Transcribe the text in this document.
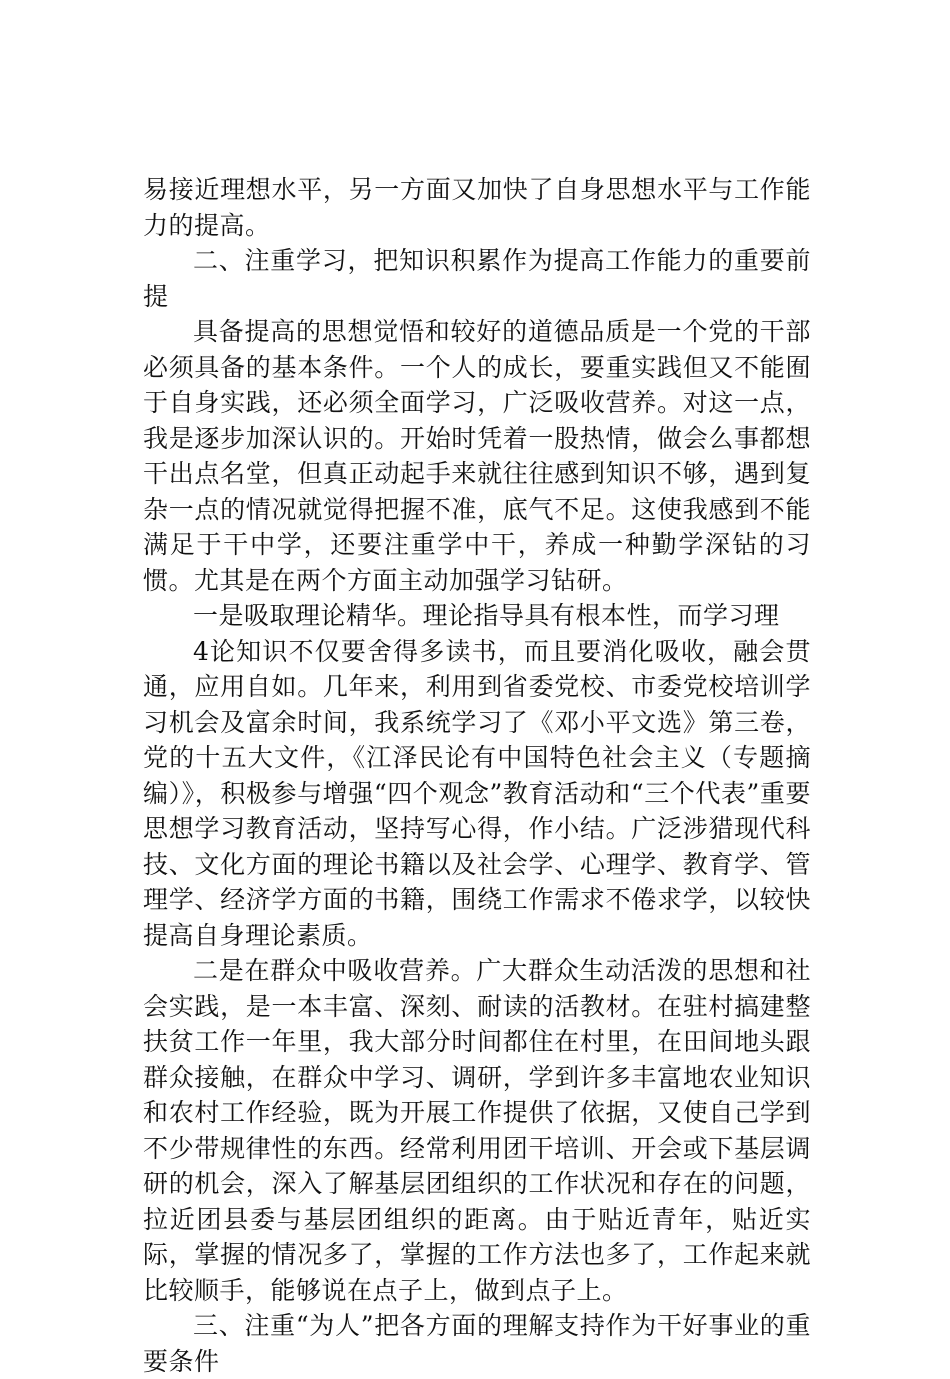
易接近理想水平，另一方面又加快了自身思想水平与工作能力的提高。

二、注重学习，把知识积累作为提高工作能力的重要前提

具备提高的思想觉悟和较好的道德品质是一个党的干部必须具备的基本条件。一个人的成长，要重实践但又不能囿于自身实践，还必须全面学习，广泛吸收营养。对这一点，我是逐步加深认识的。开始时凭着一股热情，做会么事都想干出点名堂，但真正动起手来就往往感到知识不够，遇到复杂一点的情况就觉得把握不准，底气不足。这使我感到不能满足于干中学，还要注重学中干，养成一种勤学深钻的习惯。尤其是在两个方面主动加强学习钻研。

一是吸取理论精华。理论指导具有根本性，而学习理

4论知识不仅要舍得多读书，而且要消化吸收，融会贯通，应用自如。几年来，利用到省委党校、市委党校培训学习机会及富余时间，我系统学习了《邓小平文选》第三卷，党的十五大文件，《江泽民论有中国特色社会主义（专题摘编）》，积极参与增强“四个观念”教育活动和“三个代表”重要思想学习教育活动，坚持写心得，作小结。广泛涉猎现代科技、文化方面的理论书籍以及社会学、心理学、教育学、管理学、经济学方面的书籍，围绕工作需求不倦求学，以较快提高自身理论素质。

二是在群众中吸收营养。广大群众生动活泼的思想和社会实践，是一本丰富、深刻、耐读的活教材。在驻村搞建整扶贫工作一年里，我大部分时间都住在村里，在田间地头跟群众接触，在群众中学习、调研，学到许多丰富地农业知识和农村工作经验，既为开展工作提供了依据，又使自己学到不少带规律性的东西。经常利用团干培训、开会或下基层调研的机会，深入了解基层团组织的工作状况和存在的问题，拉近团县委与基层团组织的距离。由于贴近青年，贴近实际，掌握的情况多了，掌握的工作方法也多了，工作起来就比较顺手，能够说在点子上，做到点子上。

三、注重“为人”把各方面的理解支持作为干好事业的重要条件
